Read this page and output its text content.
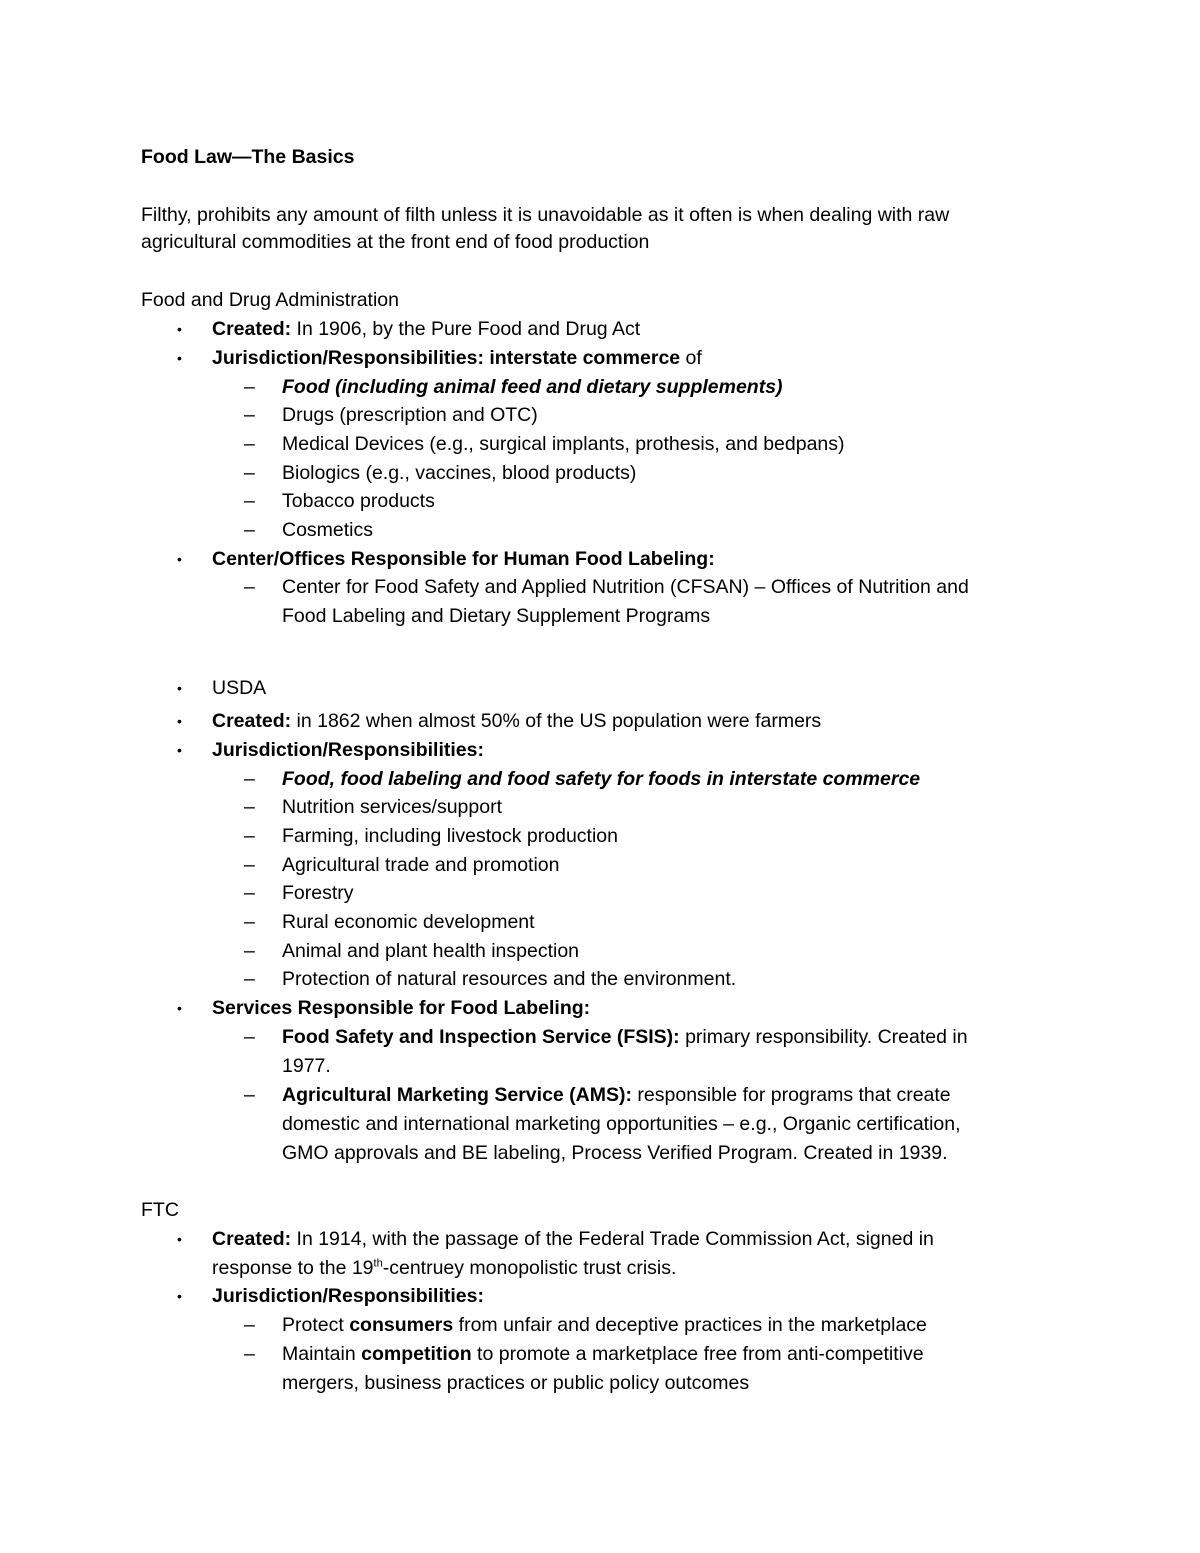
Food Law—The Basics
Filthy, prohibits any amount of filth unless it is unavoidable as it often is when dealing with raw
agricultural commodities at the front end of food production
Food and Drug Administration
• Created: In 1906, by the Pure Food and Drug Act
• Jurisdiction/Responsibilities: interstate commerce of
– Food (including animal feed and dietary supplements)
– Drugs (prescription and OTC)
– Medical Devices (e.g., surgical implants, prothesis, and bedpans)
– Biologics (e.g., vaccines, blood products)
– Tobacco products
– Cosmetics
• Center/Offices Responsible for Human Food Labeling:
– Center for Food Safety and Applied Nutrition (CFSAN) – Offices of Nutrition and
Food Labeling and Dietary Supplement Programs
• USDA
• Created: in 1862 when almost 50% of the US population were farmers
• Jurisdiction/Responsibilities:
– Food, food labeling and food safety for foods in interstate commerce
– Nutrition services/support
– Farming, including livestock production
– Agricultural trade and promotion
– Forestry
– Rural economic development
– Animal and plant health inspection
– Protection of natural resources and the environment.
• Services Responsible for Food Labeling:
– Food Safety and Inspection Service (FSIS): primary responsibility. Created in
1977.
– Agricultural Marketing Service (AMS): responsible for programs that create
domestic and international marketing opportunities – e.g., Organic certification,
GMO approvals and BE labeling, Process Verified Program. Created in 1939.
FTC
• Created: In 1914, with the passage of the Federal Trade Commission Act, signed in
response to the 19th-centruey monopolistic trust crisis.
• Jurisdiction/Responsibilities:
– Protect consumers from unfair and deceptive practices in the marketplace
– Maintain competition to promote a marketplace free from anti-competitive
mergers, business practices or public policy outcomes
